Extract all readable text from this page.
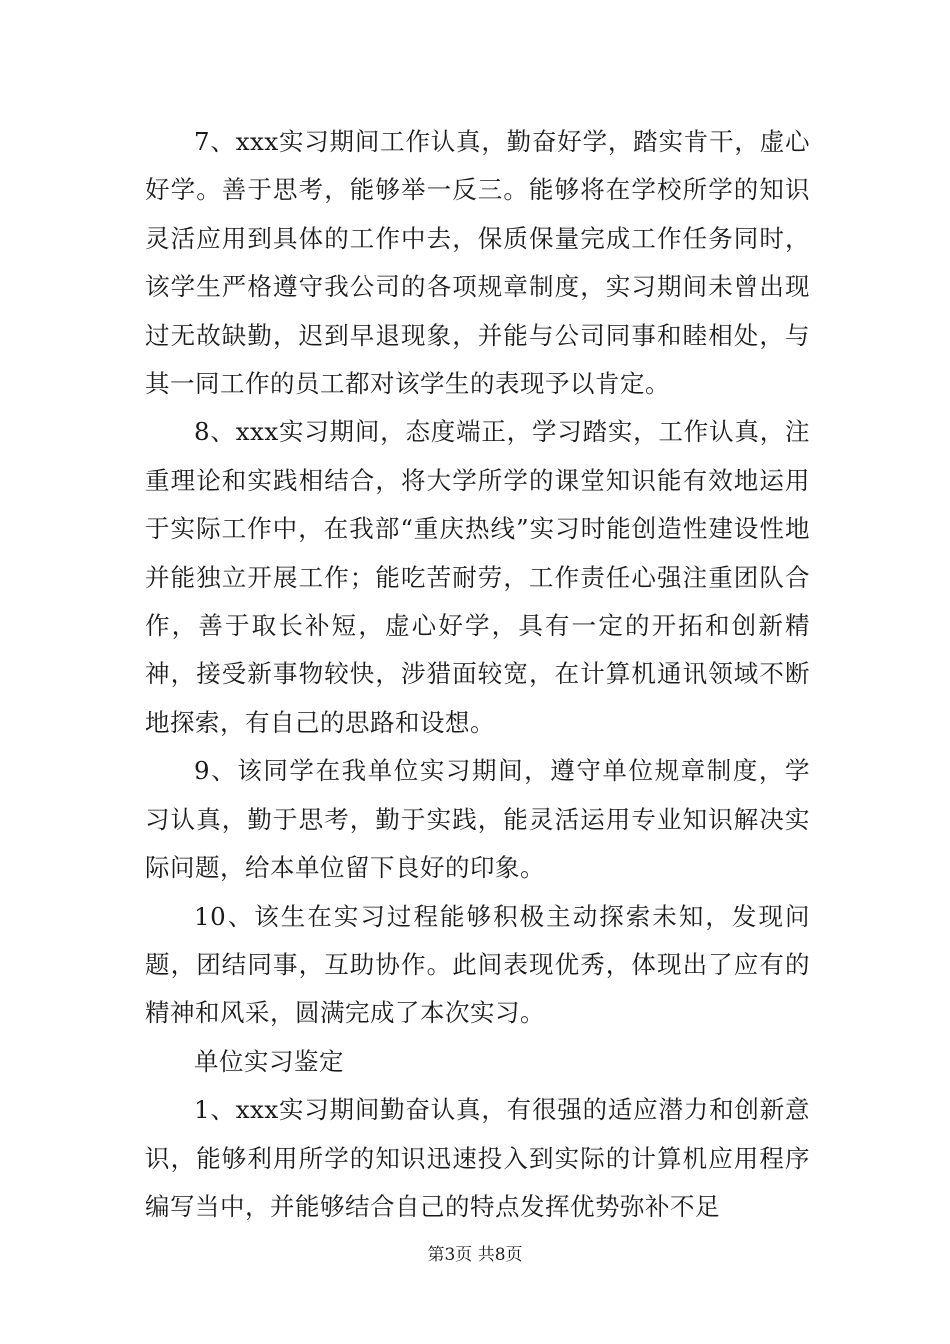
7、xxx实习期间工作认真，勤奋好学，踏实肯干，虚心好学。善于思考，能够举一反三。能够将在学校所学的知识灵活应用到具体的工作中去，保质保量完成工作任务同时，该学生严格遵守我公司的各项规章制度，实习期间未曾出现过无故缺勤，迟到早退现象，并能与公司同事和睦相处，与其一同工作的员工都对该学生的表现予以肯定。

8、xxx实习期间，态度端正，学习踏实，工作认真，注重理论和实践相结合，将大学所学的课堂知识能有效地运用于实际工作中，在我部“重庆热线”实习时能创造性建设性地并能独立开展工作；能吃苦耐劳，工作责任心强注重团队合作，善于取长补短，虚心好学，具有一定的开拓和创新精神，接受新事物较快，涉猎面较宽，在计算机通讯领域不断地探索，有自己的思路和设想。

9、该同学在我单位实习期间，遵守单位规章制度，学习认真，勤于思考，勤于实践，能灵活运用专业知识解决实际问题，给本单位留下良好的印象。

10、该生在实习过程能够积极主动探索未知，发现问题，团结同事，互助协作。此间表现优秀，体现出了应有的精神和风采，圆满完成了本次实习。

单位实习鉴定

1、xxx实习期间勤奋认真，有很强的适应潜力和创新意识，能够利用所学的知识迅速投入到实际的计算机应用程序编写当中，并能够结合自己的特点发挥优势弥补不足

第3页 共8页
